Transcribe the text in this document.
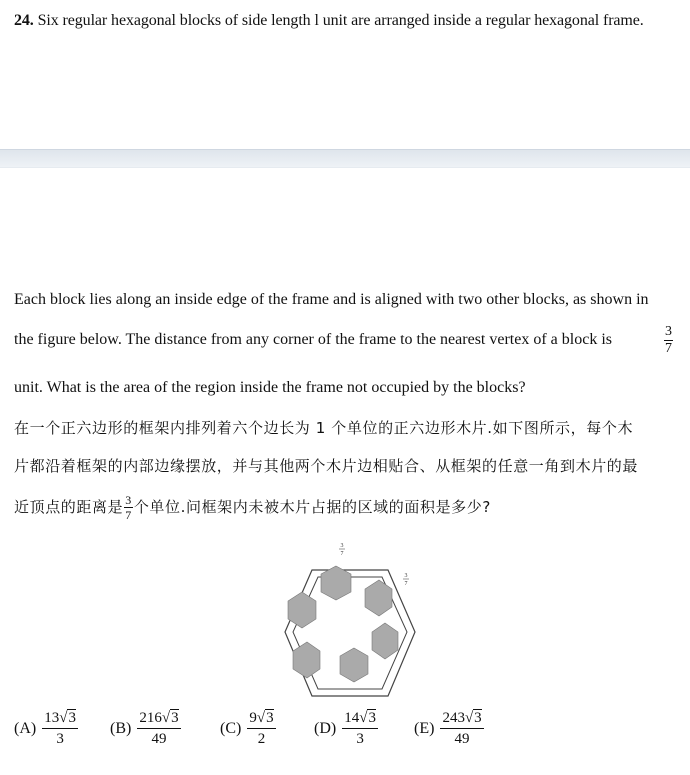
24. Six regular hexagonal blocks of side length l unit are arranged inside a regular hexagonal frame.
Each block lies along an inside edge of the frame and is aligned with two other blocks, as shown in
the figure below. The distance from any corner of the frame to the nearest vertex of a block is	$\frac{3}{7}$
unit. What is the area of the region inside the frame not occupied by the blocks?
在一个正六边形的框架内排列着六个边长为 1 个单位的正六边形木片.如下图所示，每个木
片都沿着框架的内部边缘摆放，并与其他两个木片边相贴合、从框架的任意一角到木片的最
近顶点的距离是 $\frac{3}{7}$ 个单位.问框架内未被木片占据的区域的面积是多少?
3
7
3
7
$(A) \frac{13√3}{3} (B) \frac{216√3}{49} (C) \frac{9√3}{2} (D) \frac{14√3}{3} (E) \frac{243√3}{49}$
